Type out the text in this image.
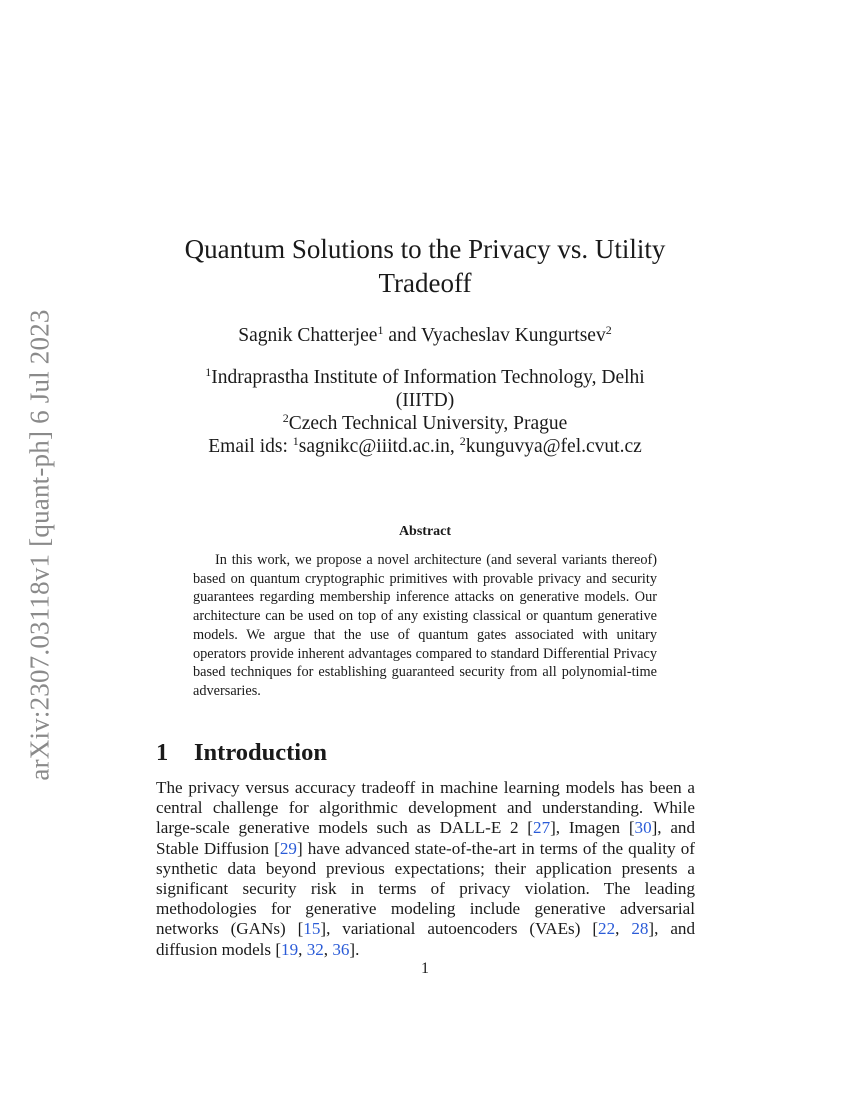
arXiv:2307.03118v1 [quant-ph] 6 Jul 2023
Quantum Solutions to the Privacy vs. Utility
Tradeoff
Sagnik Chatterjee$^1$ and Vyacheslav Kungurtsev$^2$
$^1$Indraprastha Institute of Information Technology, Delhi
(IIITD)
$^2$Czech Technical University, Prague
Email ids: $^1$sagnikc@iiitd.ac.in, $^2$kunguvya@fel.cvut.cz
Abstract
In this work, we propose a novel architecture (and several variants thereof) based on quantum cryptographic primitives with provable privacy and security guarantees regarding membership inference attacks on generative models. Our architecture can be used on top of any existing classical or quantum generative models. We argue that the use of quantum gates associated with unitary operators provide inherent advantages compared to standard Differential Privacy based techniques for establishing guaranteed security from all polynomial-time adversaries.
1 Introduction
The privacy versus accuracy tradeoff in machine learning models has been a central challenge for algorithmic development and understanding. While large-scale generative models such as DALL-E 2 [27], Imagen [30], and Stable Diffusion [29] have advanced state-of-the-art in terms of the quality of synthetic data beyond previous expectations; their application presents a significant security risk in terms of privacy violation. The leading methodologies for generative modeling include generative adversarial networks (GANs) [15], variational autoencoders (VAEs) [22, 28], and diffusion models [19, 32, 36].
1
